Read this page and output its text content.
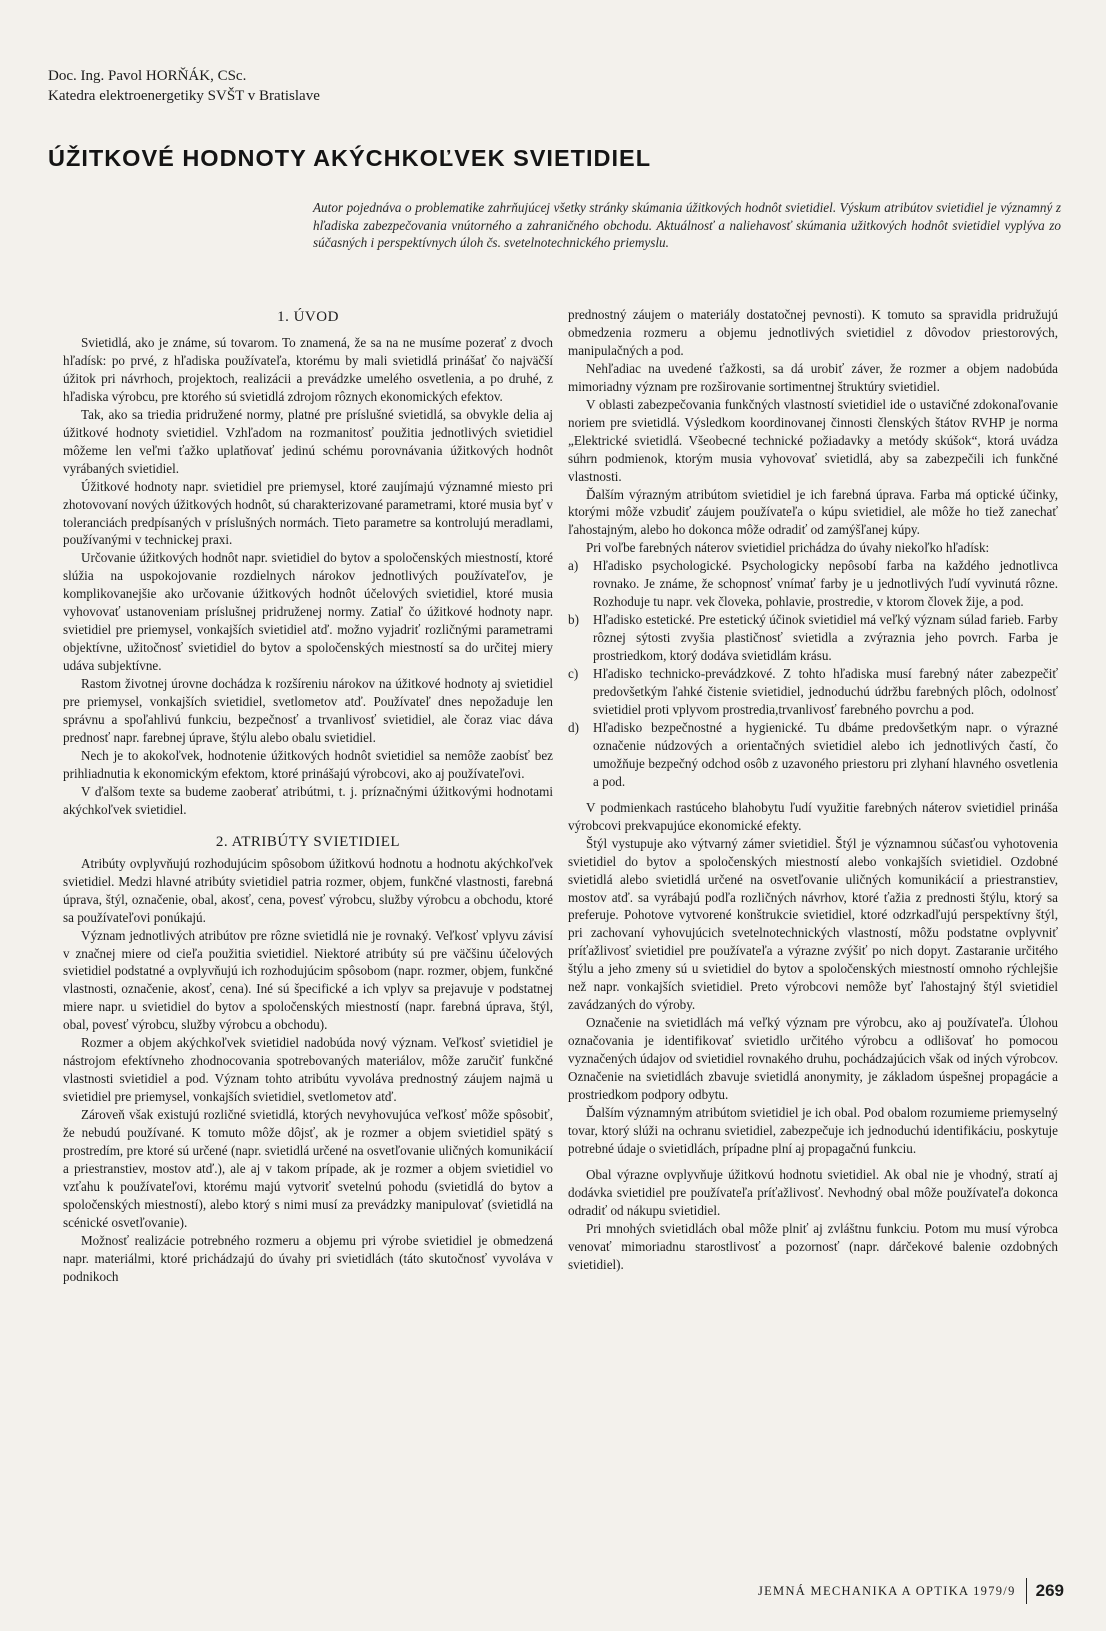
Doc. Ing. Pavol HORŇÁK, CSc.
Katedra elektroenergetiky SVŠT v Bratislave
ÚŽITKOVÉ HODNOTY AKÝCHKOĽVEK SVIETIDIEL
Autor pojednáva o problematike zahrňujúcej všetky stránky skúmania úžitkových hodnôt svietidiel. Výskum atribútov svietidiel je významný z hľadiska zabezpečovania vnútorného a zahraničného obchodu. Aktuálnosť a naliehavosť skúmania užitkových hodnôt svietidiel vyplýva zo súčasných i perspektívnych úloh čs. svetelnotechnického priemyslu.
1. ÚVOD

Svietidlá, ako je známe, sú tovarom. To znamená, že sa na ne musíme pozerať z dvoch hľadísk: po prvé, z hľadiska používateľa, ktorému by mali svietidlá prinášať čo najväčší úžitok pri návrhoch, projektoch, realizácii a prevádzke umelého osvetlenia, a po druhé, z hľadiska výrobcu, pre ktorého sú svietidlá zdrojom rôznych ekonomických efektov.

Tak, ako sa triedia pridružené normy, platné pre príslušné svietidlá, sa obvykle delia aj úžitkové hodnoty svietidiel. Vzhľadom na rozmanitosť použitia jednotlivých svietidiel môžeme len veľmi ťažko uplatňovať jedinú schému porovnávania úžitkových hodnôt vyrábaných svietidiel.

Úžitkové hodnoty napr. svietidiel pre priemysel, ktoré zaujímajú významné miesto pri zhotovovaní nových úžitkových hodnôt, sú charakterizované parametrami, ktoré musia byť v toleranciách predpísaných v príslušných normách. Tieto parametre sa kontrolujú meradlami, používanými v technickej praxi.

Určovanie úžitkových hodnôt napr. svietidiel do bytov a spoločenských miestností, ktoré slúžia na uspokojovanie rozdielnych nárokov jednotlivých používateľov, je komplikovanejšie ako určovanie úžitkových hodnôt účelových svietidiel, ktoré musia vyhovovať ustanoveniam príslušnej pridruženej normy. Zatiaľ čo úžitkové hodnoty napr. svietidiel pre priemysel, vonkajších svietidiel atď. možno vyjadriť rozličnými parametrami objektívne, užitočnosť svietidiel do bytov a spoločenských miestností sa do určitej miery udáva subjektívne.

Rastom životnej úrovne dochádza k rozšíreniu nárokov na úžitkové hodnoty aj svietidiel pre priemysel, vonkajších svietidiel, svetlometov atď. Používateľ dnes nepožaduje len správnu a spoľahlivú funkciu, bezpečnosť a trvanlivosť svietidiel, ale čoraz viac dáva prednosť napr. farebnej úprave, štýlu alebo obalu svietidiel.

Nech je to akokoľvek, hodnotenie úžitkových hodnôt svietidiel sa nemôže zaobísť bez prihliadnutia k ekonomickým efektom, ktoré prinášajú výrobcovi, ako aj používateľovi.

V ďalšom texte sa budeme zaoberať atribútmi, t. j. príznačnými úžitkovými hodnotami akýchkoľvek svietidiel.

2. ATRIBÚTY SVIETIDIEL

Atribúty ovplyvňujú rozhodujúcim spôsobom úžitkovú hodnotu a hodnotu akýchkoľvek svietidiel. Medzi hlavné atribúty svietidiel patria rozmer, objem, funkčné vlastnosti, farebná úprava, štýl, označenie, obal, akosť, cena, povesť výrobcu, služby výrobcu a obchodu, ktoré sa používateľovi ponúkajú.

Význam jednotlivých atribútov pre rôzne svietidlá nie je rovnaký. Veľkosť vplyvu závisí v značnej miere od cieľa použitia svietidiel. Niektoré atribúty sú pre väčšinu účelových svietidiel podstatné a ovplyvňujú ich rozhodujúcim spôsobom (napr. rozmer, objem, funkčné vlastnosti, označenie, akosť, cena). Iné sú špecifické a ich vplyv sa prejavuje v podstatnej miere napr. u svietidiel do bytov a spoločenských miestností (napr. farebná úprava, štýl, obal, povesť výrobcu, služby výrobcu a obchodu).

Rozmer a objem akýchkoľvek svietidiel nadobúda nový význam. Veľkosť svietidiel je nástrojom efektívneho zhodnocovania spotrebovaných materiálov, môže zaručiť funkčné vlastnosti svietidiel a pod. Význam tohto atribútu vyvoláva prednostný záujem najmä u svietidiel pre priemysel, vonkajších svietidiel, svetlometov atď.

Zároveň však existujú rozličné svietidlá, ktorých nevyhovujúca veľkosť môže spôsobiť, že nebudú používané. K tomuto môže dôjsť, ak je rozmer a objem svietidiel spätý s prostredím, pre ktoré sú určené (napr. svietidlá určené na osvetľovanie uličných komunikácií a priestranstiev, mostov atď.), ale aj v takom prípade, ak je rozmer a objem svietidiel vo vzťahu k používateľovi, ktorému majú vytvoriť svetelnú pohodu (svietidlá do bytov a spoločenských miestností), alebo ktorý s nimi musí za prevádzky manipulovať (svietidlá na scénické osvetľovanie).

Možnosť realizácie potrebného rozmeru a objemu pri výrobe svietidiel je obmedzená napr. materiálmi, ktoré prichádzajú do úvahy pri svietidlách (táto skutočnosť vyvoláva v podnikoch

prednostný záujem o materiály dostatočnej pevnosti). K tomuto sa spravidla pridružujú obmedzenia rozmeru a objemu jednotlivých svietidiel z dôvodov priestorových, manipulačných a pod.

Nehľadiac na uvedené ťažkosti, sa dá urobiť záver, že rozmer a objem nadobúda mimoriadny význam pre rozširovanie sortimentnej štruktúry svietidiel.

V oblasti zabezpečovania funkčných vlastností svietidiel ide o ustavičné zdokonaľovanie noriem pre svietidlá. Výsledkom koordinovanej činnosti členských štátov RVHP je norma „Elektrické svietidlá. Všeobecné technické požiadavky a metódy skúšok“, ktorá uvádza súhrn podmienok, ktorým musia vyhovovať svietidlá, aby sa zabezpečili ich funkčné vlastnosti.

Ďalším výrazným atribútom svietidiel je ich farebná úprava. Farba má optické účinky, ktorými môže vzbudiť záujem používateľa o kúpu svietidiel, ale môže ho tiež zanechať ľahostajným, alebo ho dokonca môže odradiť od zamýšľanej kúpy.

Pri voľbe farebných náterov svietidiel prichádza do úvahy niekoľko hľadísk:

a)	Hľadisko psychologické. Psychologicky nepôsobí farba na každého jednotlivca rovnako. Je známe, že schopnosť vnímať farby je u jednotlivých ľudí vyvinutá rôzne. Rozhoduje tu napr. vek človeka, pohlavie, prostredie, v ktorom človek žije, a pod.
b)	Hľadisko estetické. Pre estetický účinok svietidiel má veľký význam súlad farieb. Farby rôznej sýtosti zvyšia plastičnosť svietidla a zvýraznia jeho povrch. Farba je prostriedkom, ktorý dodáva svietidlám krásu.
c)	Hľadisko technicko-prevádzkové. Z tohto hľadiska musí farebný náter zabezpečiť predovšetkým ľahké čistenie svietidiel, jednoduchú údržbu farebných plôch, odolnosť svietidiel proti vplyvom prostredia,trvanlivosť farebného povrchu a pod.
d)	Hľadisko bezpečnostné a hygienické. Tu dbáme predovšetkým napr. o výrazné označenie núdzových a orientačných svietidiel alebo ich jednotlivých častí, čo umožňuje bezpečný odchod osôb z uzavoného priestoru pri zlyhaní hlavného osvetlenia a pod.

V podmienkach rastúceho blahobytu ľudí využitie farebných náterov svietidiel prináša výrobcovi prekvapujúce ekonomické efekty.

Štýl vystupuje ako výtvarný zámer svietidiel. Štýl je významnou súčasťou vyhotovenia svietidiel do bytov a spoločenských miestností alebo vonkajších svietidiel. Ozdobné svietidlá alebo svietidlá určené na osvetľovanie uličných komunikácií a priestranstiev, mostov atď. sa vyrábajú podľa rozličných návrhov, ktoré ťažia z prednosti štýlu, ktorý sa preferuje. Pohotove vytvorené konštrukcie svietidiel, ktoré odzrkadľujú perspektívny štýl, pri zachovaní vyhovujúcich svetelnotechnických vlastností, môžu podstatne ovplyvniť príťažlivosť svietidiel pre používateľa a výrazne zvýšiť po nich dopyt. Zastaranie určitého štýlu a jeho zmeny sú u svietidiel do bytov a spoločenských miestností omnoho rýchlejšie než napr. vonkajších svietidiel. Preto výrobcovi nemôže byť ľahostajný štýl svietidiel zavádzaných do výroby.

Označenie na svietidlách má veľký význam pre výrobcu, ako aj používateľa. Úlohou označovania je identifikovať svietidlo určitého výrobcu a odlišovať ho pomocou vyznačených údajov od svietidiel rovnakého druhu, pochádzajúcich však od iných výrobcov. Označenie na svietidlách zbavuje svietidlá anonymity, je základom úspešnej propagácie a prostriedkom podpory odbytu.

Ďalším významným atribútom svietidiel je ich obal. Pod obalom rozumieme priemyselný tovar, ktorý slúži na ochranu svietidiel, zabezpečuje ich jednoduchú identifikáciu, poskytuje potrebné údaje o svietidlách, prípadne plní aj propagačnú funkciu.

Obal výrazne ovplyvňuje úžitkovú hodnotu svietidiel. Ak obal nie je vhodný, stratí aj dodávka svietidiel pre používateľa príťažlivosť. Nevhodný obal môže používateľa dokonca odradiť od nákupu svietidiel.

Pri mnohých svietidlách obal môže plniť aj zvláštnu funkciu. Potom mu musí výrobca venovať mimoriadnu starostlivosť a pozornosť (napr. dárčekové balenie ozdobných svietidiel).

JEMNÁ MECHANIKA A OPTIKA 1979/9 269
